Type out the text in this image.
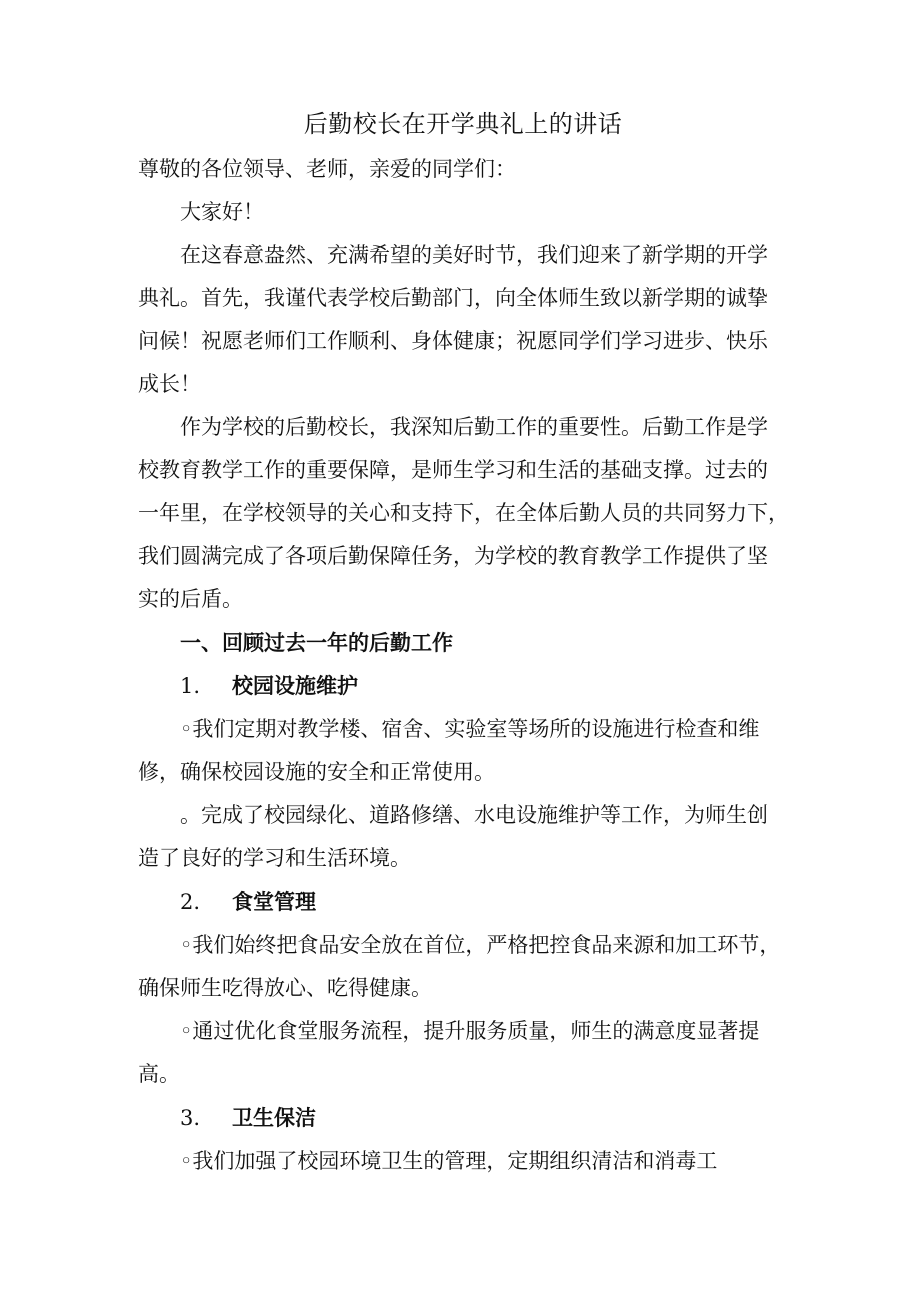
后勤校长在开学典礼上的讲话

尊敬的各位领导、老师，亲爱的同学们：

大家好！

在这春意盎然、充满希望的美好时节，我们迎来了新学期的开学
典礼。首先，我谨代表学校后勤部门，向全体师生致以新学期的诚挚
问候！祝愿老师们工作顺利、身体健康；祝愿同学们学习进步、快乐
成长！

作为学校的后勤校长，我深知后勤工作的重要性。后勤工作是学
校教育教学工作的重要保障，是师生学习和生活的基础支撑。过去的
一年里，在学校领导的关心和支持下，在全体后勤人员的共同努力下，
我们圆满完成了各项后勤保障任务，为学校的教育教学工作提供了坚
实的后盾。

一、回顾过去一年的后勤工作

1. 校园设施维护

◦我们定期对教学楼、宿舍、实验室等场所的设施进行检查和维
修，确保校园设施的安全和正常使用。

。完成了校园绿化、道路修缮、水电设施维护等工作，为师生创
造了良好的学习和生活环境。

2. 食堂管理

◦我们始终把食品安全放在首位，严格把控食品来源和加工环节，
确保师生吃得放心、吃得健康。

◦通过优化食堂服务流程，提升服务质量，师生的满意度显著提
高。

3. 卫生保洁

◦我们加强了校园环境卫生的管理，定期组织清洁和消毒工
